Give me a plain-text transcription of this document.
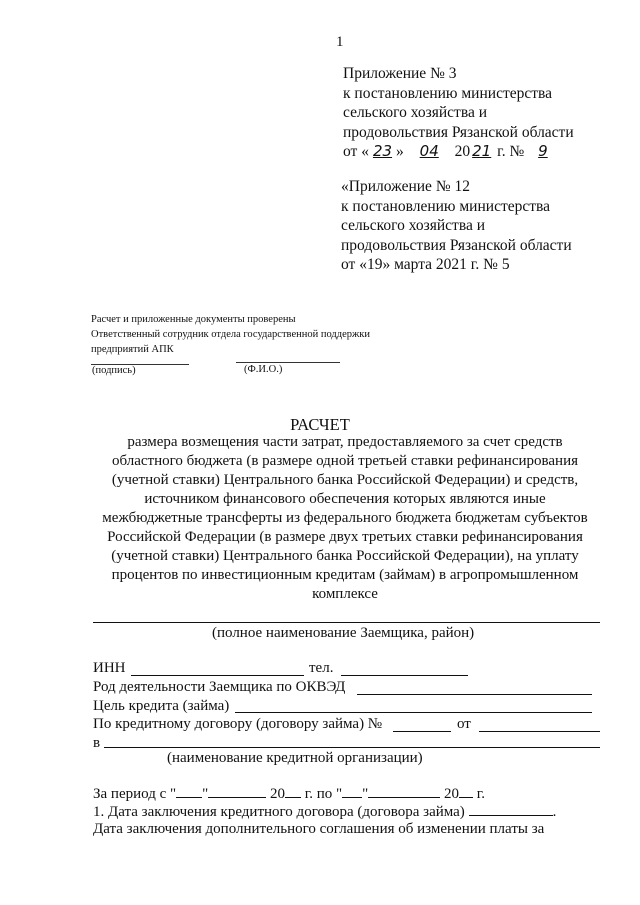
1
Приложение № 3
к постановлению министерства
сельского хозяйства и
продовольствия Рязанской области
от « 23 » 04 20 21 г. № 9
«Приложение № 12
к постановлению министерства
сельского хозяйства и
продовольствия Рязанской области
от «19» марта 2021 г. № 5
Расчет и приложенные документы проверены
Ответственный сотрудник отдела государственной поддержки
предприятий АПК
(подпись)	(Ф.И.О.)
РАСЧЕТ
размера возмещения части затрат, предоставляемого за счет средств
областного бюджета (в размере одной третьей ставки рефинансирования
(учетной ставки) Центрального банка Российской Федерации) и средств,
источником финансового обеспечения которых являются иные
межбюджетные трансферты из федерального бюджета бюджетам субъектов
Российской Федерации (в размере двух третьих ставки рефинансирования
(учетной ставки) Центрального банка Российской Федерации), на уплату
процентов по инвестиционным кредитам (займам) в агропромышленном
комплексе
(полное наименование Заемщика, район)
ИНН	тел.
Род деятельности Заемщика по ОКВЭД
Цель кредита (займа)
По кредитному договору (договору займа) №	от
в
(наименование кредитной организации)
За период с " "	20 г. по " "	20 г.
1. Дата заключения кредитного договора (договора займа)	.
Дата заключения дополнительного соглашения об изменении платы за
